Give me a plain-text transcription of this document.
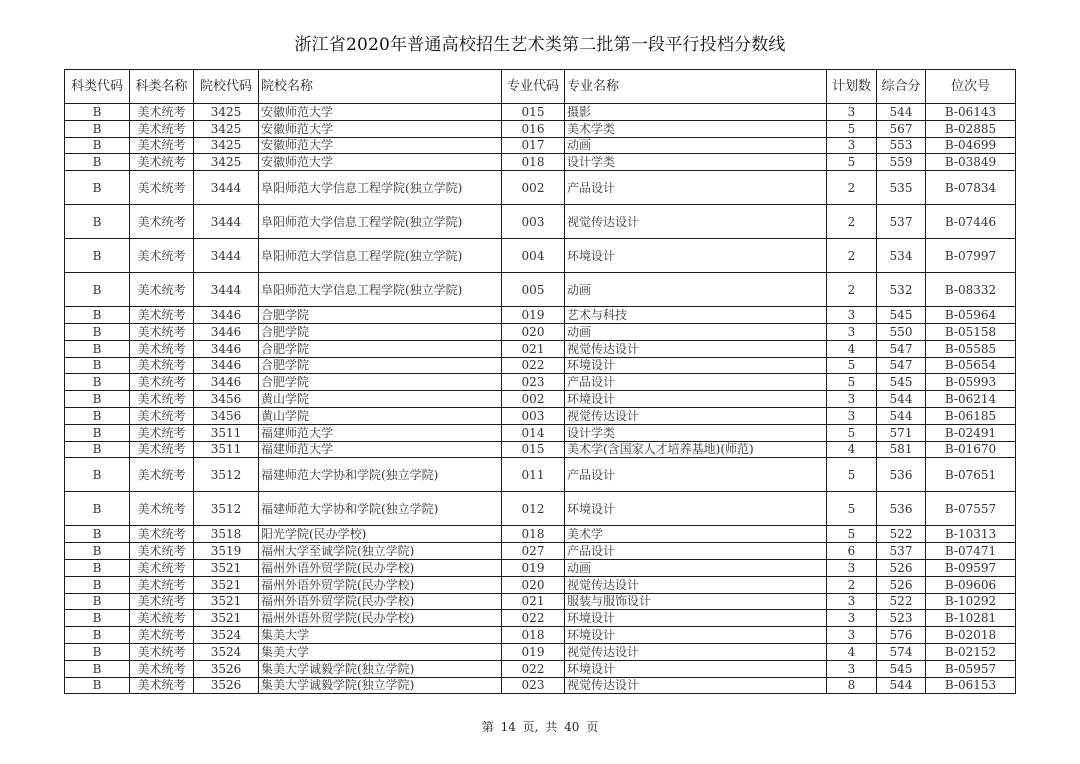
浙江省2020年普通高校招生艺术类第二批第一段平行投档分数线
科类代码	科类名称	院校代码	院校名称	专业代码	专业名称	计划数	综合分	位次号
B	美术统考	3425	安徽师范大学	015	摄影	3	544	B-06143
B	美术统考	3425	安徽师范大学	016	美术学类	5	567	B-02885
B	美术统考	3425	安徽师范大学	017	动画	3	553	B-04699
B	美术统考	3425	安徽师范大学	018	设计学类	5	559	B-03849
B	美术统考	3444	阜阳师范大学信息工程学院(独立学院)	002	产品设计	2	535	B-07834
B	美术统考	3444	阜阳师范大学信息工程学院(独立学院)	003	视觉传达设计	2	537	B-07446
B	美术统考	3444	阜阳师范大学信息工程学院(独立学院)	004	环境设计	2	534	B-07997
B	美术统考	3444	阜阳师范大学信息工程学院(独立学院)	005	动画	2	532	B-08332
B	美术统考	3446	合肥学院	019	艺术与科技	3	545	B-05964
B	美术统考	3446	合肥学院	020	动画	3	550	B-05158
B	美术统考	3446	合肥学院	021	视觉传达设计	4	547	B-05585
B	美术统考	3446	合肥学院	022	环境设计	5	547	B-05654
B	美术统考	3446	合肥学院	023	产品设计	5	545	B-05993
B	美术统考	3456	黄山学院	002	环境设计	3	544	B-06214
B	美术统考	3456	黄山学院	003	视觉传达设计	3	544	B-06185
B	美术统考	3511	福建师范大学	014	设计学类	5	571	B-02491
B	美术统考	3511	福建师范大学	015	美术学(含国家人才培养基地)(师范)	4	581	B-01670
B	美术统考	3512	福建师范大学协和学院(独立学院)	011	产品设计	5	536	B-07651
B	美术统考	3512	福建师范大学协和学院(独立学院)	012	环境设计	5	536	B-07557
B	美术统考	3518	阳光学院(民办学校)	018	美术学	5	522	B-10313
B	美术统考	3519	福州大学至诚学院(独立学院)	027	产品设计	6	537	B-07471
B	美术统考	3521	福州外语外贸学院(民办学校)	019	动画	3	526	B-09597
B	美术统考	3521	福州外语外贸学院(民办学校)	020	视觉传达设计	2	526	B-09606
B	美术统考	3521	福州外语外贸学院(民办学校)	021	服装与服饰设计	3	522	B-10292
B	美术统考	3521	福州外语外贸学院(民办学校)	022	环境设计	3	523	B-10281
B	美术统考	3524	集美大学	018	环境设计	3	576	B-02018
B	美术统考	3524	集美大学	019	视觉传达设计	4	574	B-02152
B	美术统考	3526	集美大学诚毅学院(独立学院)	022	环境设计	3	545	B-05957
B	美术统考	3526	集美大学诚毅学院(独立学院)	023	视觉传达设计	8	544	B-06153
第 14 页, 共 40 页
